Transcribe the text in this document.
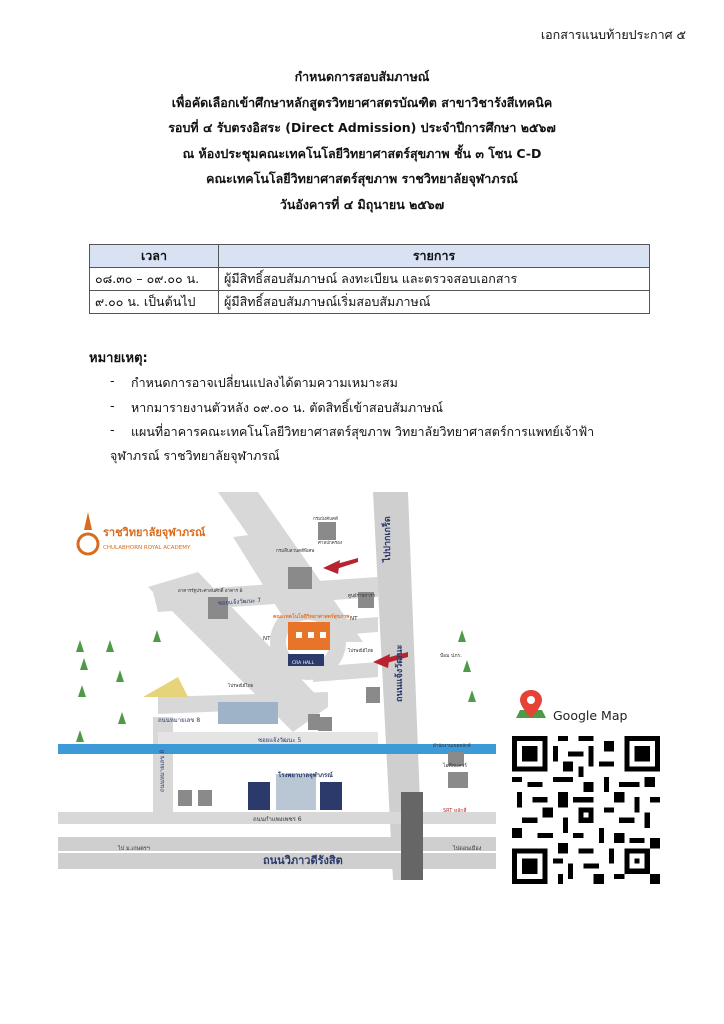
เอกสารแนบท้ายประกาศ ๕
กำหนดการสอบสัมภาษณ์
เพื่อคัดเลือกเข้าศึกษาหลักสูตรวิทยาศาสตรบัณฑิต สาขาวิชารังสีเทคนิค
รอบที่ ๔ รับตรงอิสระ (Direct Admission) ประจำปีการศึกษา ๒๕๖๗
ณ ห้องประชุมคณะเทคโนโลยีวิทยาศาสตร์สุขภาพ ชั้น ๓ โซน C-D
คณะเทคโนโลยีวิทยาศาสตร์สุขภาพ ราชวิทยาลัยจุฬาภรณ์
วันอังคารที่ ๔ มิถุนายน ๒๕๖๗
เวลา	รายการ
๐๘.๓๐ – ๐๙.๐๐ น.	ผู้มีสิทธิ์สอบสัมภาษณ์ ลงทะเบียน และตรวจสอบเอกสาร
๙.๐๐ น. เป็นต้นไป	ผู้มีสิทธิ์สอบสัมภาษณ์เริ่มสอบสัมภาษณ์
หมายเหตุ:
- กำหนดการอาจเปลี่ยนแปลงได้ตามความเหมาะสม
- หากมารายงานตัวหลัง ๐๙.๐๐ น. ตัดสิทธิ์เข้าสอบสัมภาษณ์
- แผนที่อาคารคณะเทคโนโลยีวิทยาศาสตร์สุขภาพ วิทยาลัยวิทยาศาสตร์การแพทย์เจ้าฟ้า
จุฬาภรณ์ ราชวิทยาลัยจุฬาภรณ์
ราชวิทยาลัยจุฬาภรณ์
CHULABHORN ROYAL ACADEMY
ถนนวิภาวดีรังสิต
ถนนกำแพงเพชร 6
ไป ม.เกษตรฯ	ไปดอนเมือง
ซอยแจ้งวัฒนะ 7
ซอยแจ้งวัฒนะ 5
ถนนหมายเลข 8
ถนนหมายเลข 8
ถนนแจ้งวัฒนะ
ไปปากเกร็ด
โรงพยาบาลจุฬาภรณ์
CRA HALL
NT
NT
SRT หลักสี่
ป้อม ปภร.
ศาลปกครอง
อาคารรัฐประศาสนศักดิ์ อาคาร B
กรมสืบสวนคดีพิเศษ
กรมบังคับคดี
ศูนย์ราชการฯ
ไปรษณีย์ไทย
ไปรษณีย์ไทย
ไอทีสแควร์
สำนักงานเขตหลักสี่
คณะเทคโนโลยีวิทยาศาสตร์สุขภาพ
Google Map
